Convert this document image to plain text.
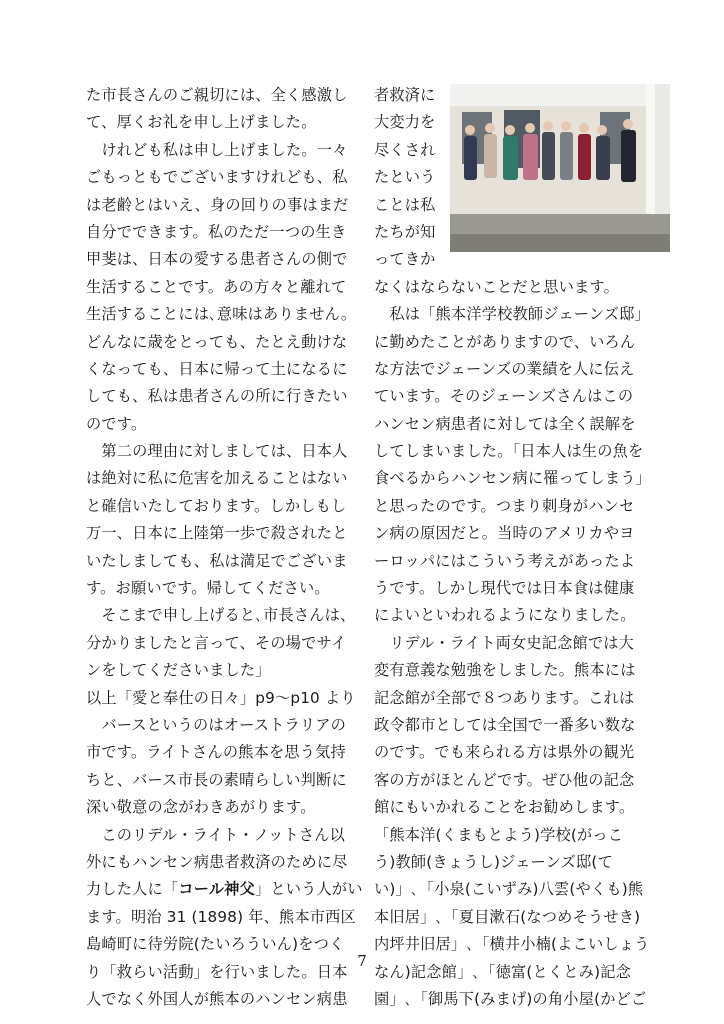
た市長さんのご親切には、全く感激し
て、厚くお礼を申し上げました。
　けれども私は申し上げました。一々
ごもっともでございますけれども、私
は老齢とはいえ、身の回りの事はまだ
自分でできます。私のただ一つの生き
甲斐は、日本の愛する患者さんの側で
生活することです。あの方々と離れて
生活することには､意味はありません。
どんなに歳をとっても、たとえ動けな
くなっても、日本に帰って土になるに
しても、私は患者さんの所に行きたい
のです。
　第二の理由に対しましては、日本人
は絶対に私に危害を加えることはない
と確信いたしております。しかしもし
万一、日本に上陸第一歩で殺されたと
いたしましても、私は満足でございま
す。お願いです。帰してください。
　そこまで申し上げると､市長さんは、
分かりましたと言って、その場でサイ
ンをしてくださいました」
以上「愛と奉仕の日々」p9～p10 より
　バースというのはオーストラリアの
市です。ライトさんの熊本を思う気持
ちと、バース市長の素晴らしい判断に
深い敬意の念がわきあがります。
　このリデル・ライト・ノットさん以
外にもハンセン病患者救済のために尽
力した人に「コール神父」という人がい
ます。明治 31 (1898) 年、熊本市西区
島崎町に待労院(たいろういん)をつく
り「救らい活動」を行いました。日本
人でなく外国人が熊本のハンセン病患
者救済に
大変力を
尽くされ
たという
ことは私
たちが知
ってきか
なくはならないことだと思います。
　私は「熊本洋学校教師ジェーンズ邸」
に勤めたことがありますので、いろん
な方法でジェーンズの業績を人に伝え
ています。そのジェーンズさんはこの
ハンセン病患者に対しては全く誤解を
してしまいました｡「日本人は生の魚を
食べるからハンセン病に罹ってしまう」
と思ったのです。つまり刺身がハンセ
ン病の原因だと。当時のアメリカやヨ
ーロッパにはこういう考えがあったよ
うです。しかし現代では日本食は健康
によいといわれるようになりました。
　リデル・ライト両女史記念館では大
変有意義な勉強をしました。熊本には
記念館が全部で８つあります。これは
政令都市としては全国で一番多い数な
のです。でも来られる方は県外の観光
客の方がほとんどです。ぜひ他の記念
館にもいかれることをお勧めします。
「熊本洋(くまもとよう)学校(がっこ
う)教師(きょうし)ジェーンズ邸(て
い)」､「小泉(こいずみ)八雲(やくも)熊
本旧居」､「夏目漱石(なつめそうせき)
内坪井旧居」､「横井小楠(よこいしょう
なん)記念館」､「徳富(とくとみ)記念
園」､「御馬下(みまげ)の角小屋(かどご
7
